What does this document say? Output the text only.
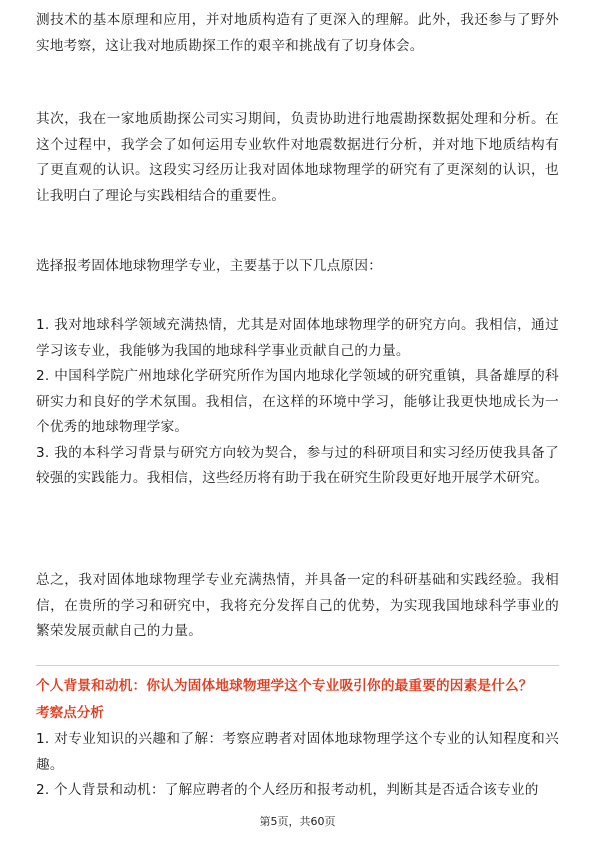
测技术的基本原理和应用，并对地质构造有了更深入的理解。此外，我还参与了野外实地考察，这让我对地质勘探工作的艰辛和挑战有了切身体会。

其次，我在一家地质勘探公司实习期间，负责协助进行地震勘探数据处理和分析。在这个过程中，我学会了如何运用专业软件对地震数据进行分析，并对地下地质结构有了更直观的认识。这段实习经历让我对固体地球物理学的研究有了更深刻的认识，也让我明白了理论与实践相结合的重要性。

选择报考固体地球物理学专业，主要基于以下几点原因：

1. 我对地球科学领域充满热情，尤其是对固体地球物理学的研究方向。我相信，通过学习该专业，我能够为我国的地球科学事业贡献自己的力量。

2. 中国科学院广州地球化学研究所作为国内地球化学领域的研究重镇，具备雄厚的科研实力和良好的学术氛围。我相信，在这样的环境中学习，能够让我更快地成长为一个优秀的地球物理学家。

3. 我的本科学习背景与研究方向较为契合，参与过的科研项目和实习经历使我具备了较强的实践能力。我相信，这些经历将有助于我在研究生阶段更好地开展学术研究。

总之，我对固体地球物理学专业充满热情，并具备一定的科研基础和实践经验。我相信，在贵所的学习和研究中，我将充分发挥自己的优势，为实现我国地球科学事业的繁荣发展贡献自己的力量。

个人背景和动机：你认为固体地球物理学这个专业吸引你的最重要的因素是什么？

考察点分析

1. 对专业知识的兴趣和了解：考察应聘者对固体地球物理学这个专业的认知程度和兴趣。

2. 个人背景和动机：了解应聘者的个人经历和报考动机，判断其是否适合该专业的

第5页，共60页
